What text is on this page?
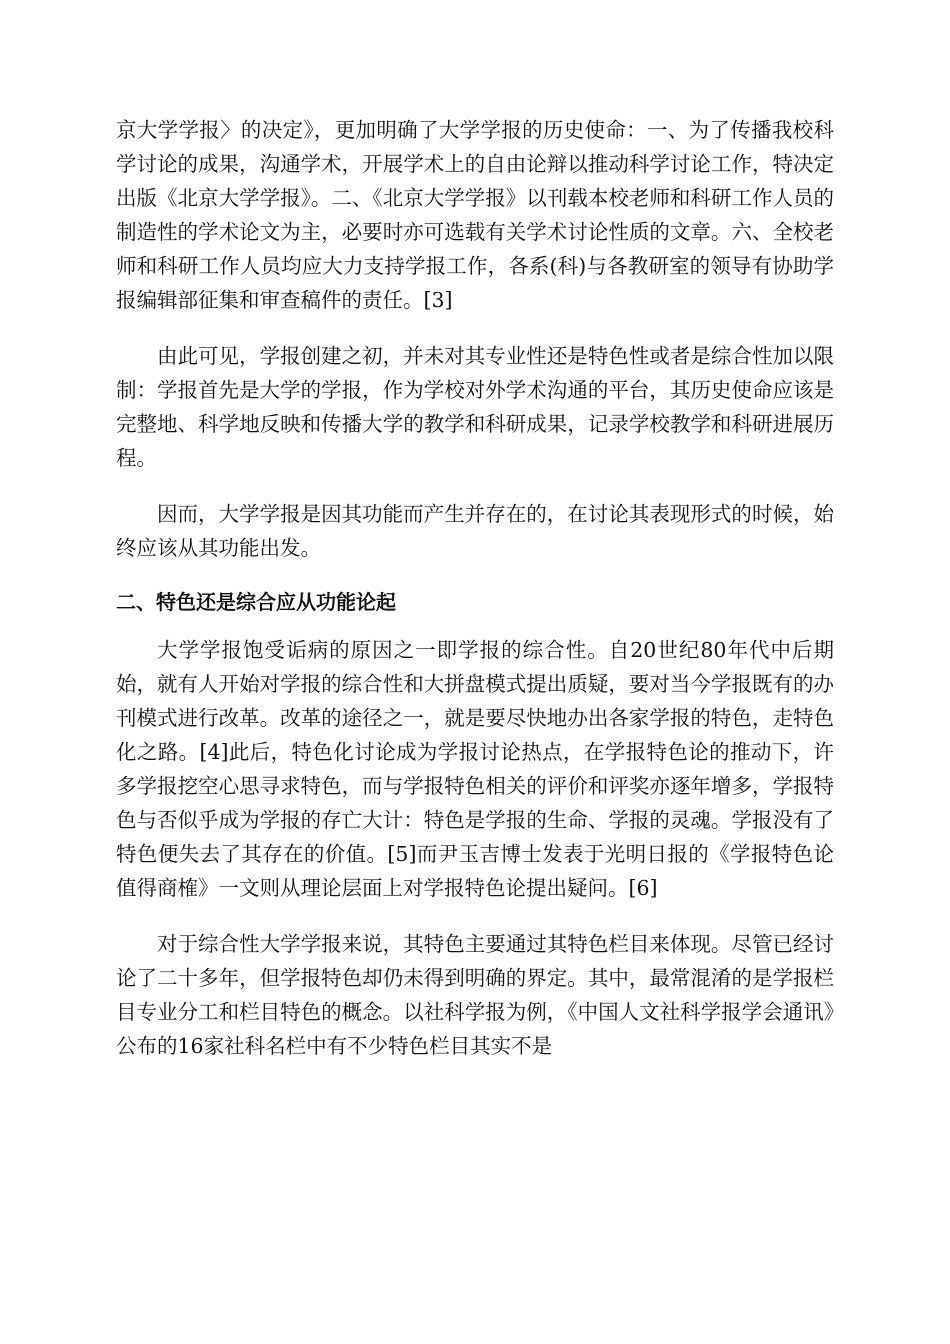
京大学学报〉的决定》，更加明确了大学学报的历史使命：一、为了传播我校科学讨论的成果，沟通学术，开展学术上的自由论辩以推动科学讨论工作，特决定出版《北京大学学报》。二、《北京大学学报》以刊载本校老师和科研工作人员的制造性的学术论文为主，必要时亦可选载有关学术讨论性质的文章。六、全校老师和科研工作人员均应大力支持学报工作，各系(科)与各教研室的领导有协助学报编辑部征集和审查稿件的责任。[3]

由此可见，学报创建之初，并未对其专业性还是特色性或者是综合性加以限制：学报首先是大学的学报，作为学校对外学术沟通的平台，其历史使命应该是完整地、科学地反映和传播大学的教学和科研成果，记录学校教学和科研进展历程。

因而，大学学报是因其功能而产生并存在的，在讨论其表现形式的时候，始终应该从其功能出发。

二、特色还是综合应从功能论起

大学学报饱受诟病的原因之一即学报的综合性。自20世纪80年代中后期始，就有人开始对学报的综合性和大拼盘模式提出质疑，要对当今学报既有的办刊模式进行改革。改革的途径之一，就是要尽快地办出各家学报的特色，走特色化之路。[4]此后，特色化讨论成为学报讨论热点，在学报特色论的推动下，许多学报挖空心思寻求特色，而与学报特色相关的评价和评奖亦逐年增多，学报特色与否似乎成为学报的存亡大计：特色是学报的生命、学报的灵魂。学报没有了特色便失去了其存在的价值。[5]而尹玉吉博士发表于光明日报的《学报特色论值得商榷》一文则从理论层面上对学报特色论提出疑问。[6]

对于综合性大学学报来说，其特色主要通过其特色栏目来体现。尽管已经讨论了二十多年，但学报特色却仍未得到明确的界定。其中，最常混淆的是学报栏目专业分工和栏目特色的概念。以社科学报为例，《中国人文社科学报学会通讯》公布的16家社科名栏中有不少特色栏目其实不是
